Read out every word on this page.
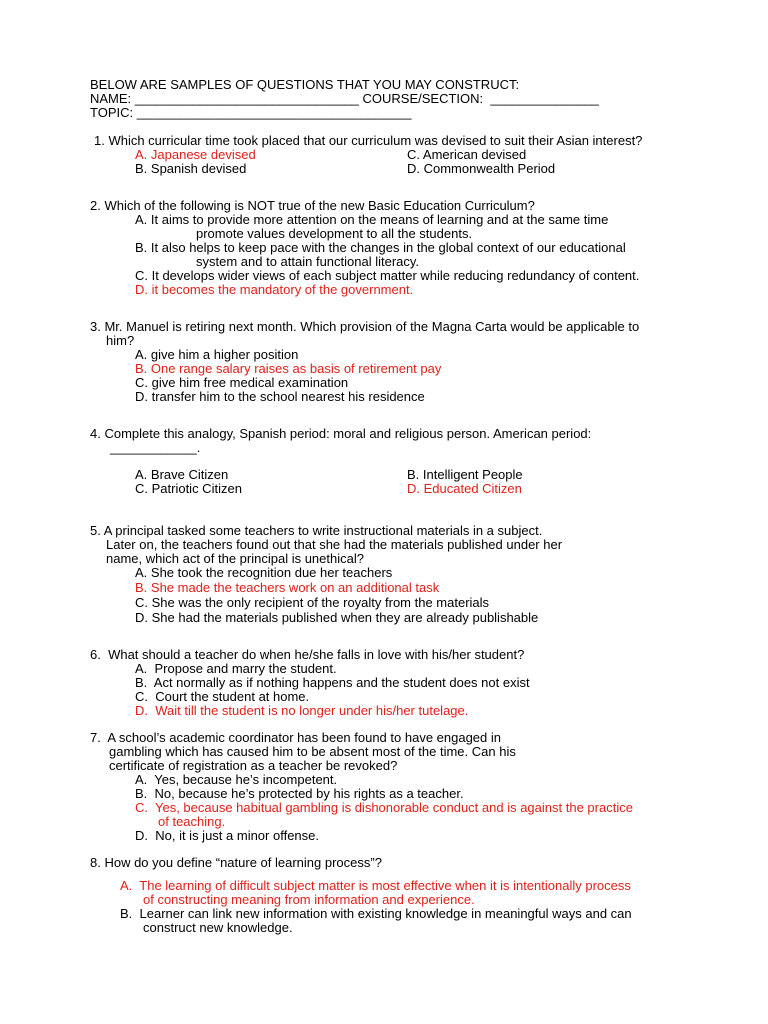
BELOW ARE SAMPLES OF QUESTIONS THAT YOU MAY CONSTRUCT:
NAME: _______________________________ COURSE/SECTION:  _______________
TOPIC: ______________________________________
1. Which curricular time took placed that our curriculum was devised to suit their Asian interest?
A. Japanese devised	C. American devised
B. Spanish devised	D. Commonwealth Period
2. Which of the following is NOT true of the new Basic Education Curriculum?
A. It aims to provide more attention on the means of learning and at the same time
promote values development to all the students.
B. It also helps to keep pace with the changes in the global context of our educational
system and to attain functional literacy.
C. It develops wider views of each subject matter while reducing redundancy of content.
D. it becomes the mandatory of the government.
3. Mr. Manuel is retiring next month. Which provision of the Magna Carta would be applicable to
him?
A. give him a higher position
B. One range salary raises as basis of retirement pay
C. give him free medical examination
D. transfer him to the school nearest his residence
4. Complete this analogy, Spanish period: moral and religious person. American period:
____________.
A. Brave Citizen	B. Intelligent People
C. Patriotic Citizen	D. Educated Citizen
5. A principal tasked some teachers to write instructional materials in a subject.
Later on, the teachers found out that she had the materials published under her
name, which act of the principal is unethical?
A. She took the recognition due her teachers
B. She made the teachers work on an additional task
C. She was the only recipient of the royalty from the materials
D. She had the materials published when they are already publishable
6.  What should a teacher do when he/she falls in love with his/her student?
A.  Propose and marry the student.
B.  Act normally as if nothing happens and the student does not exist
C.  Court the student at home.
D.  Wait till the student is no longer under his/her tutelage.
7.  A school’s academic coordinator has been found to have engaged in
gambling which has caused him to be absent most of the time. Can his
certificate of registration as a teacher be revoked?
A.  Yes, because he’s incompetent.
B.  No, because he’s protected by his rights as a teacher.
C.  Yes, because habitual gambling is dishonorable conduct and is against the practice
of teaching.
D.  No, it is just a minor offense.
8. How do you define “nature of learning process”?
A.  The learning of difficult subject matter is most effective when it is intentionally process
of constructing meaning from information and experience.
B.  Learner can link new information with existing knowledge in meaningful ways and can
construct new knowledge.
